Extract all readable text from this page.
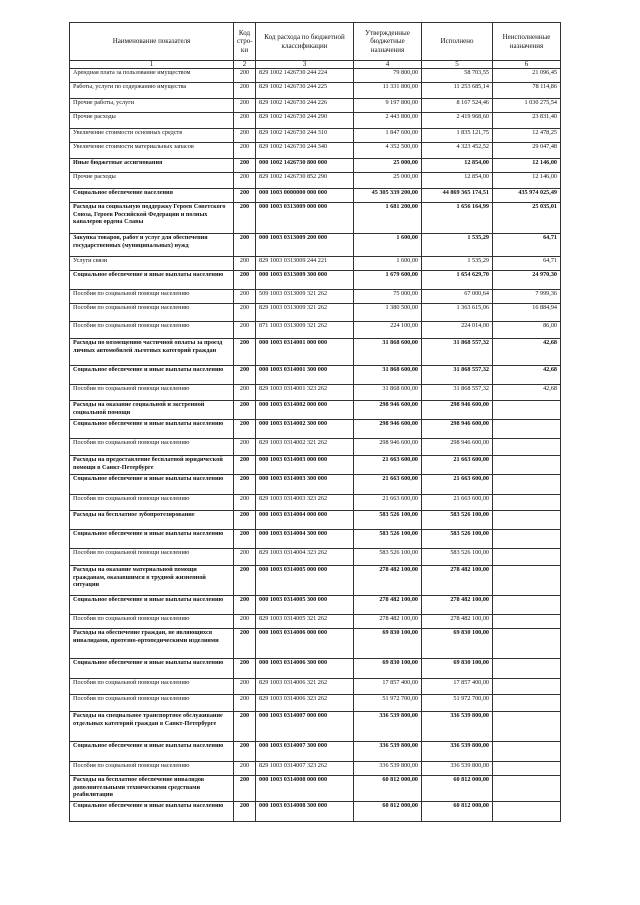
Наименование показателя	Код стро- ки	Код расхода по бюджетной классификации	Утвержденные бюджетные назначения	Исполнено	Неисполненные назначения
1	2	3	4	5	6
Арендная плата за пользование имуществом	200	829 1002 1426730 244 224	79 800,00	58 703,55	21 096,45
Работы, услуги по содержанию имущества	200	829 1002 1426730 244 225	11 331 800,00	11 253 685,14	78 114,86
Прочие работы, услуги	200	829 1002 1426730 244 226	9 197 800,00	8 167 524,46	1 030 275,54
Прочие расходы	200	829 1002 1426730 244 290	2 443 800,00	2 419 968,60	23 831,40
Увеличение стоимости основных средств	200	829 1002 1426730 244 310	1 847 600,00	1 835 121,75	12 478,25
Увеличение стоимости материальных запасов	200	829 1002 1426730 244 340	4 352 500,00	4 323 452,52	29 047,48
Иные бюджетные ассигнования	200	000 1002 1426730 800 000	25 000,00	12 854,00	12 146,00
Прочие расходы	200	829 1002 1426730 852 290	25 000,00	12 854,00	12 146,00
Социальное обеспечение населения	200	000 1003 0000000 000 000	45 305 339 200,00	44 869 365 174,51	435 974 025,49
Расходы на социальную поддержку Героев Советского Союза, Героев Российской Федерации и полных кавалеров ордена Славы	200	000 1003 0313009 000 000	1 681 200,00	1 656 164,99	25 035,01
Закупка товаров, работ и услуг для обеспечения государственных (муниципальных) нужд	200	000 1003 0313009 200 000	1 600,00	1 535,29	64,71
Услуги связи	200	829 1003 0313009 244 221	1 600,00	1 535,29	64,71
Социальное обеспечение и иные выплаты населению	200	000 1003 0313009 300 000	1 679 600,00	1 654 629,70	24 970,30
Пособия по социальной помощи населению	200	509 1003 0313009 321 262	75 000,00	67 000,64	7 999,36
Пособия по социальной помощи населению	200	829 1003 0313009 321 262	1 380 500,00	1 363 615,06	16 884,94
Пособия по социальной помощи населению	200	871 1003 0313009 321 262	224 100,00	224 014,00	86,00
Расходы по возмещению частичной оплаты за проезд личных автомобилей льготных категорий граждан	200	000 1003 0314001 000 000	31 868 600,00	31 868 557,32	42,68
Социальное обеспечение и иные выплаты населению	200	000 1003 0314001 300 000	31 868 600,00	31 868 557,32	42,68
Пособия по социальной помощи населению	200	829 1003 0314001 323 262	31 868 600,00	31 868 557,32	42,68
Расходы на оказание социальной и экстренной социальной помощи	200	000 1003 0314002 000 000	298 946 600,00	298 946 600,00	
Социальное обеспечение и иные выплаты населению	200	000 1003 0314002 300 000	298 946 600,00	298 946 600,00	
Пособия по социальной помощи населению	200	829 1003 0314002 321 262	298 946 600,00	298 946 600,00	
Расходы на предоставление бесплатной юридической помощи в Санкт-Петербурге	200	000 1003 0314003 000 000	21 663 600,00	21 663 600,00	
Социальное обеспечение и иные выплаты населению	200	000 1003 0314003 300 000	21 663 600,00	21 663 600,00	
Пособия по социальной помощи населению	200	829 1003 0314003 323 262	21 663 600,00	21 663 600,00	
Расходы на бесплатное зубопротезирование	200	000 1003 0314004 000 000	583 526 100,00	583 526 100,00	
Социальное обеспечение и иные выплаты населению	200	000 1003 0314004 300 000	583 526 100,00	583 526 100,00	
Пособия по социальной помощи населению	200	829 1003 0314004 323 262	583 526 100,00	583 526 100,00	
Расходы на оказание материальной помощи гражданам, оказавшимся в трудной жизненной ситуации	200	000 1003 0314005 000 000	278 482 100,00	278 482 100,00	
Социальное обеспечение и иные выплаты населению	200	000 1003 0314005 300 000	278 482 100,00	278 482 100,00	
Пособия по социальной помощи населению	200	829 1003 0314005 321 262	278 482 100,00	278 482 100,00	
Расходы на обеспечение граждан, не являющихся инвалидами, протезно-ортопедическими изделиями	200	000 1003 0314006 000 000	69 830 100,00	69 830 100,00	
Социальное обеспечение и иные выплаты населению	200	000 1003 0314006 300 000	69 830 100,00	69 830 100,00	
Пособия по социальной помощи населению	200	829 1003 0314006 321 262	17 857 400,00	17 857 400,00	
Пособия по социальной помощи населению	200	829 1003 0314006 323 262	51 972 700,00	51 972 700,00	
Расходы на специальное транспортное обслуживание отдельных категорий граждан в Санкт-Петербурге	200	000 1003 0314007 000 000	336 539 800,00	336 539 800,00	
Социальное обеспечение и иные выплаты населению	200	000 1003 0314007 300 000	336 539 800,00	336 539 800,00	
Пособия по социальной помощи населению	200	829 1003 0314007 323 262	336 539 800,00	336 539 800,00	
Расходы на бесплатное обеспечение инвалидов дополнительными техническими средствами реабилитации	200	000 1003 0314008 000 000	60 812 000,00	60 812 000,00	
Социальное обеспечение и иные выплаты населению	200	000 1003 0314008 300 000	60 812 000,00	60 812 000,00	
